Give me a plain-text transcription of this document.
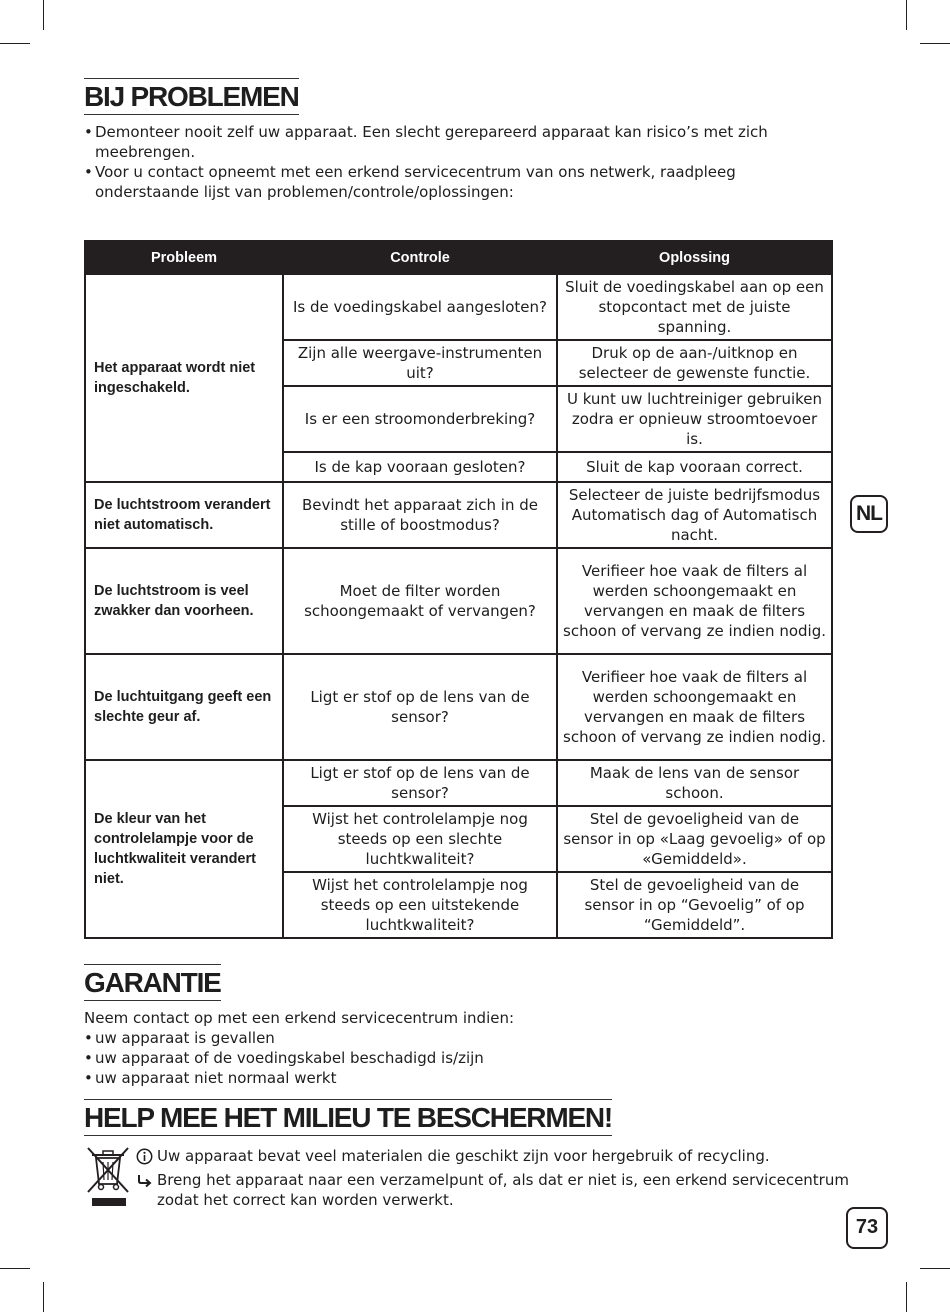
BIJ PROBLEMEN
• Demonteer nooit zelf uw apparaat. Een slecht gerepareerd apparaat kan risico’s met zich meebrengen.
• Voor u contact opneemt met een erkend servicecentrum van ons netwerk, raadpleeg onderstaande lijst van problemen/controle/oplossingen:
Probleem	Controle	Oplossing
Het apparaat wordt niet ingeschakeld.	Is de voedingskabel aangesloten?	Sluit de voedingskabel aan op een stopcontact met de juiste spanning.
	Zijn alle weergave-instrumenten uit?	Druk op de aan-/uitknop en selecteer de gewenste functie.
	Is er een stroomonderbreking?	U kunt uw luchtreiniger gebruiken zodra er opnieuw stroomtoevoer is.
	Is de kap vooraan gesloten?	Sluit de kap vooraan correct.
De luchtstroom verandert niet automatisch.	Bevindt het apparaat zich in de stille of boostmodus?	Selecteer de juiste bedrijfsmodus Automatisch dag of Automatisch nacht.
De luchtstroom is veel zwakker dan voorheen.	Moet de filter worden schoongemaakt of vervangen?	Verifieer hoe vaak de filters al werden schoongemaakt en vervangen en maak de filters schoon of vervang ze indien nodig.
De luchtuitgang geeft een slechte geur af.	Ligt er stof op de lens van de sensor?	Verifieer hoe vaak de filters al werden schoongemaakt en vervangen en maak de filters schoon of vervang ze indien nodig.
De kleur van het controlelampje voor de luchtkwaliteit verandert niet.	Ligt er stof op de lens van de sensor?	Maak de lens van de sensor schoon.
	Wijst het controlelampje nog steeds op een slechte luchtkwaliteit?	Stel de gevoeligheid van de sensor in op «Laag gevoelig» of op «Gemiddeld».
	Wijst het controlelampje nog steeds op een uitstekende luchtkwaliteit?	Stel de gevoeligheid van de sensor in op “Gevoelig” of op “Gemiddeld”.
NL
GARANTIE

Neem contact op met een erkend servicecentrum indien:

• uw apparaat is gevallen
• uw apparaat of de voedingskabel beschadigd is/zijn
• uw apparaat niet normaal werkt
HELP MEE HET MILIEU TE BESCHERMEN!
Uw apparaat bevat veel materialen die geschikt zijn voor hergebruik of recycling.
Breng het apparaat naar een verzamelpunt of, als dat er niet is, een erkend servicecentrum zodat het correct kan worden verwerkt.
73
